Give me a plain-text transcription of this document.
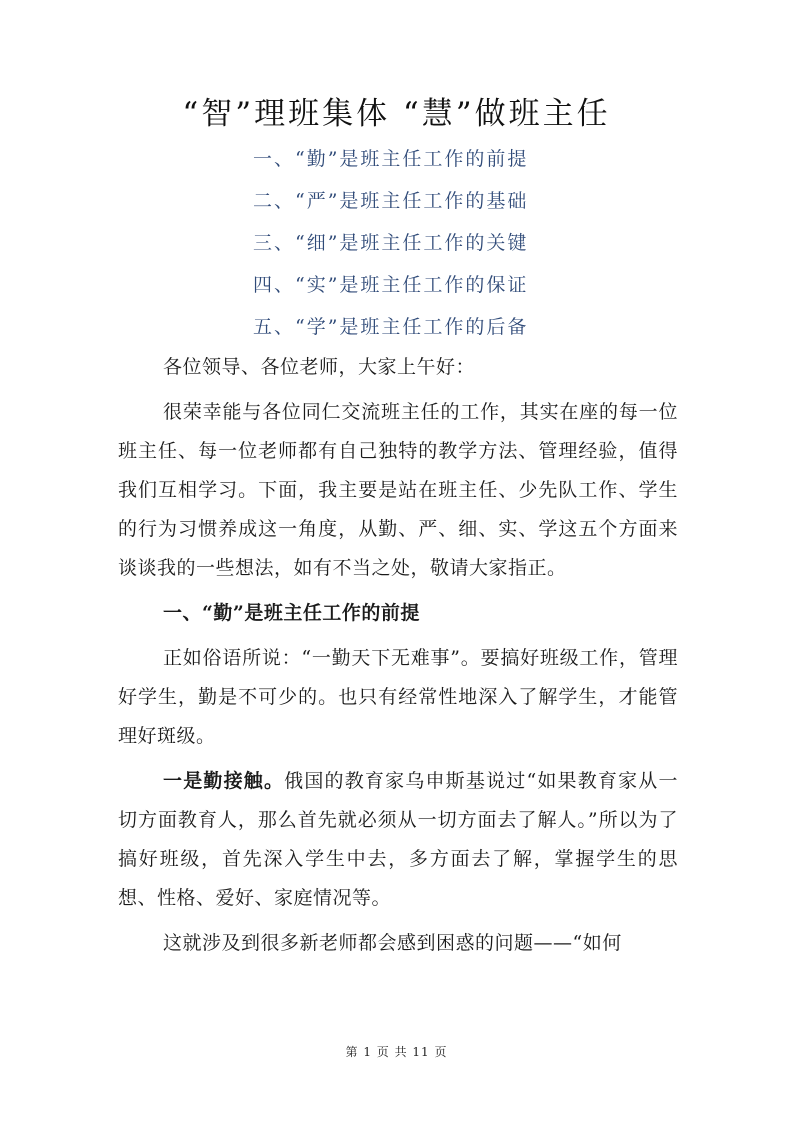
“智”理班集体 “慧”做班主任
一、“勤”是班主任工作的前提
二、“严”是班主任工作的基础
三、“细”是班主任工作的关键
四、“实”是班主任工作的保证
五、“学”是班主任工作的后备

各位领导、各位老师，大家上午好：

很荣幸能与各位同仁交流班主任的工作，其实在座的每一位班主任、每一位老师都有自己独特的教学方法、管理经验，值得我们互相学习。下面，我主要是站在班主任、少先队工作、学生的行为习惯养成这一角度，从勤、严、细、实、学这五个方面来谈谈我的一些想法，如有不当之处，敬请大家指正。

一、“勤”是班主任工作的前提

正如俗语所说：“一勤天下无难事”。要搞好班级工作，管理好学生，勤是不可少的。也只有经常性地深入了解学生，才能管理好斑级。

一是勤接触。俄国的教育家乌申斯基说过“如果教育家从一切方面教育人，那么首先就必须从一切方面去了解人。”所以为了搞好班级，首先深入学生中去，多方面去了解，掌握学生的思想、性格、爱好、家庭情况等。

这就涉及到很多新老师都会感到困惑的问题——“如何

第 1 页 共 11 页
